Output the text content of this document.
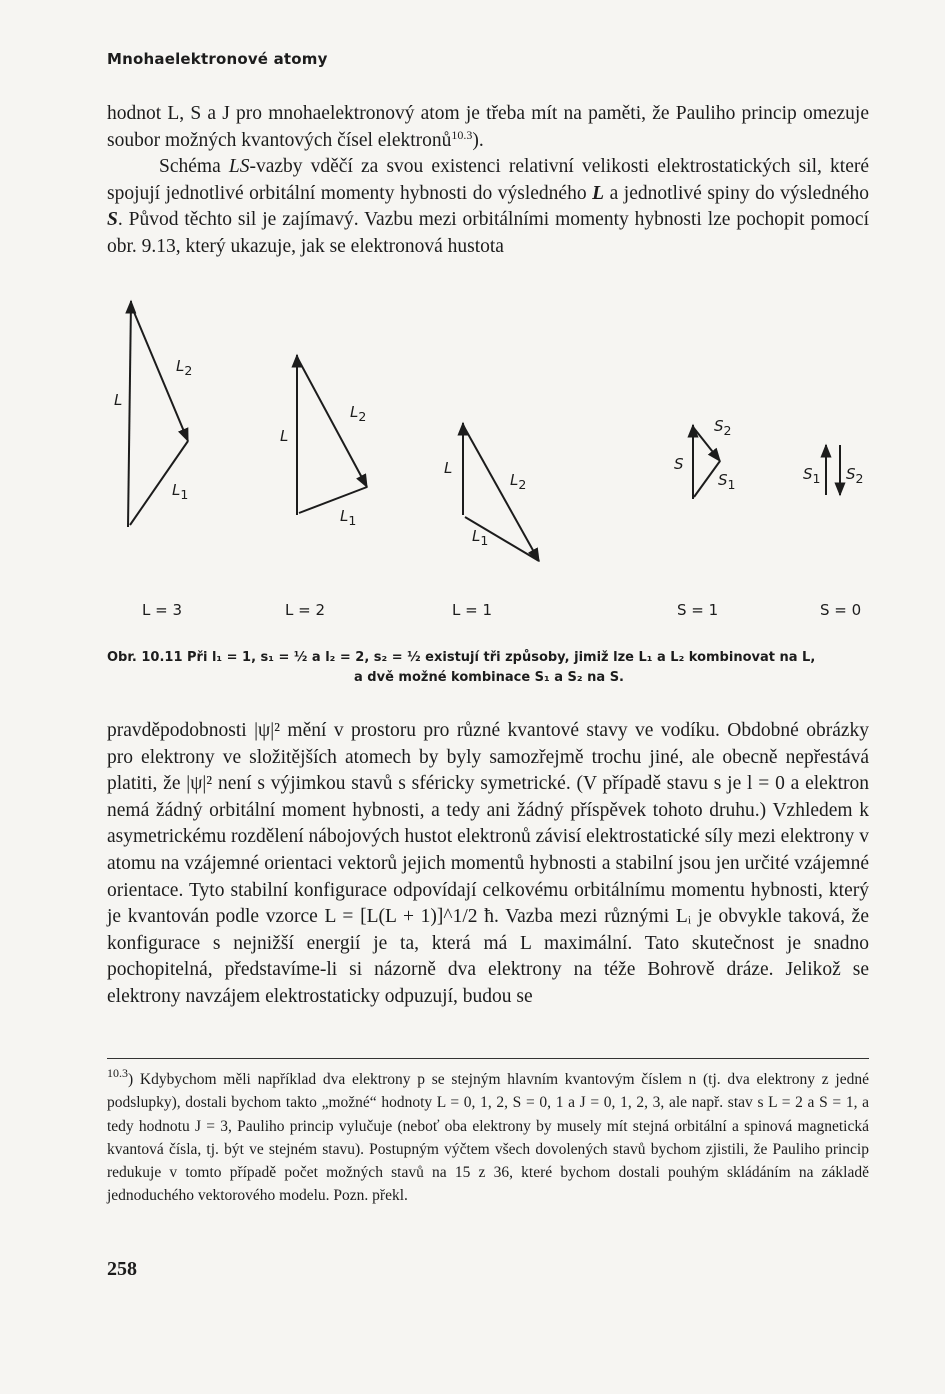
Mnohaelektronové atomy

hodnot L, S a J pro mnohaelektronový atom je třeba mít na paměti, že Pauliho princip omezuje soubor možných kvantových čísel elektronů$^{10.3}$).

Schéma LS-vazby vděčí za svou existenci relativní velikosti elektrostatických sil, které spojují jednotlivé orbitální momenty hybnosti do výsledného L a jednotlivé spiny do výsledného S. Původ těchto sil je zajímavý. Vazbu mezi orbitálními momenty hybnosti lze pochopit pomocí obr. 9.13, který ukazuje, jak se elektronová hustota

L
$L_2$
$L_1$
L
$L_2$
$L_1$
L
$L_2$
$L_1$
S
$S_2$
$S_1$
$S_1$ $S_2$
L = 3	L = 2	L = 1	S = 1	S = 0
Obr. 10.11 Při l₁ = 1, s₁ = ½ a l₂ = 2, s₂ = ½ existují tři způsoby, jimiž lze L₁ a L₂ kombinovat na L,
a dvě možné kombinace S₁ a S₂ na S.

pravděpodobnosti |ψ|² mění v prostoru pro různé kvantové stavy ve vodíku. Obdobné obrázky pro elektrony ve složitějších atomech by byly samozřejmě trochu jiné, ale obecně nepřestává platiti, že |ψ|² není s výjimkou stavů s sféricky symetrické. (V případě stavu s je l = 0 a elektron nemá žádný orbitální moment hybnosti, a tedy ani žádný příspěvek tohoto druhu.) Vzhledem k asymetrickému rozdělení nábojových hustot elektronů závisí elektrostatické síly mezi elektrony v atomu na vzájemné orientaci vektorů jejich momentů hybnosti a stabilní jsou jen určité vzájemné orientace. Tyto stabilní konfigurace odpovídají celkovému orbitálnímu momentu hybnosti, který je kvantován podle vzorce L = [L(L + 1)]^1/2 ħ. Vazba mezi různými Lᵢ je obvykle taková, že konfigurace s nejnižší energií je ta, která má L maximální. Tato skutečnost je snadno pochopitelná, představíme-li si názorně dva elektrony na téže Bohrově dráze. Jelikož se elektrony navzájem elektrostaticky odpuzují, budou se

$^{10.3}$) Kdybychom měli například dva elektrony p se stejným hlavním kvantovým číslem n (tj. dva elektrony z jedné podslupky), dostali bychom takto „možné“ hodnoty L = 0, 1, 2, S = 0, 1 a J = 0, 1, 2, 3, ale např. stav s L = 2 a S = 1, a tedy hodnotu J = 3, Pauliho princip vylučuje (neboť oba elektrony by musely mít stejná orbitální a spinová magnetická kvantová čísla, tj. být ve stejném stavu). Postupným výčtem všech dovolených stavů bychom zjistili, že Pauliho princip redukuje v tomto případě počet možných stavů na 15 z 36, které bychom dostali pouhým skládáním na základě jednoduchého vektorového modelu. Pozn. překl.
258
